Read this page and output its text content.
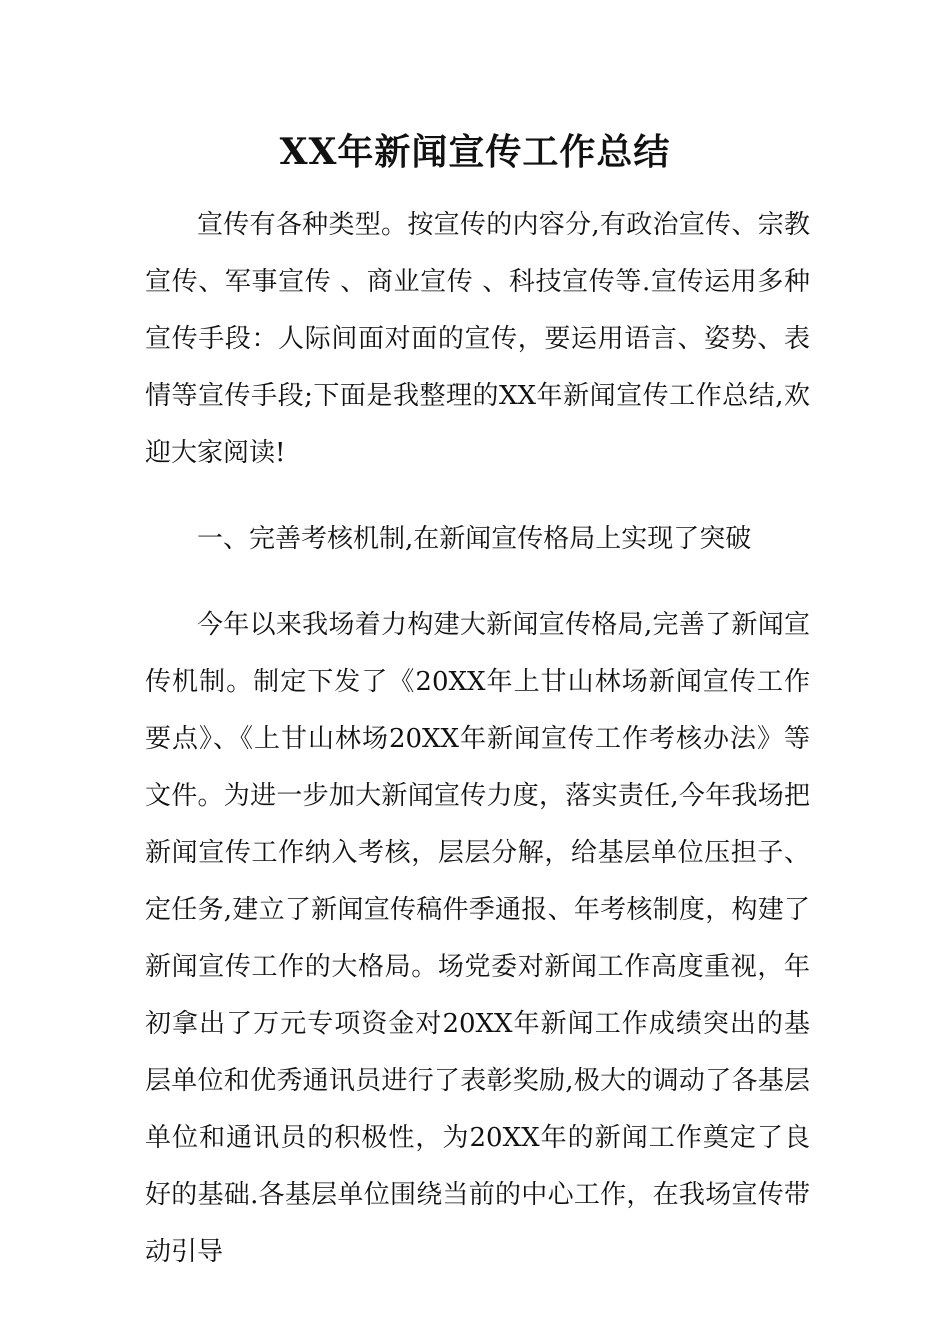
XX年新闻宣传工作总结

宣传有各种类型。按宣传的内容分,有政治宣传、宗教宣传、军事宣传 、商业宣传 、科技宣传等.宣传运用多种宣传手段：人际间面对面的宣传，要运用语言、姿势、表情等宣传手段;下面是我整理的XX年新闻宣传工作总结,欢迎大家阅读!

一、完善考核机制,在新闻宣传格局上实现了突破

今年以来我场着力构建大新闻宣传格局,完善了新闻宣传机制。制定下发了《20XX年上甘山林场新闻宣传工作要点》、《上甘山林场20XX年新闻宣传工作考核办法》等文件。为进一步加大新闻宣传力度，落实责任,今年我场把新闻宣传工作纳入考核，层层分解，给基层单位压担子、定任务,建立了新闻宣传稿件季通报、年考核制度，构建了新闻宣传工作的大格局。场党委对新闻工作高度重视，年初拿出了万元专项资金对20XX年新闻工作成绩突出的基层单位和优秀通讯员进行了表彰奖励,极大的调动了各基层单位和通讯员的积极性，为20XX年的新闻工作奠定了良好的基础.各基层单位围绕当前的中心工作，在我场宣传带动引导
